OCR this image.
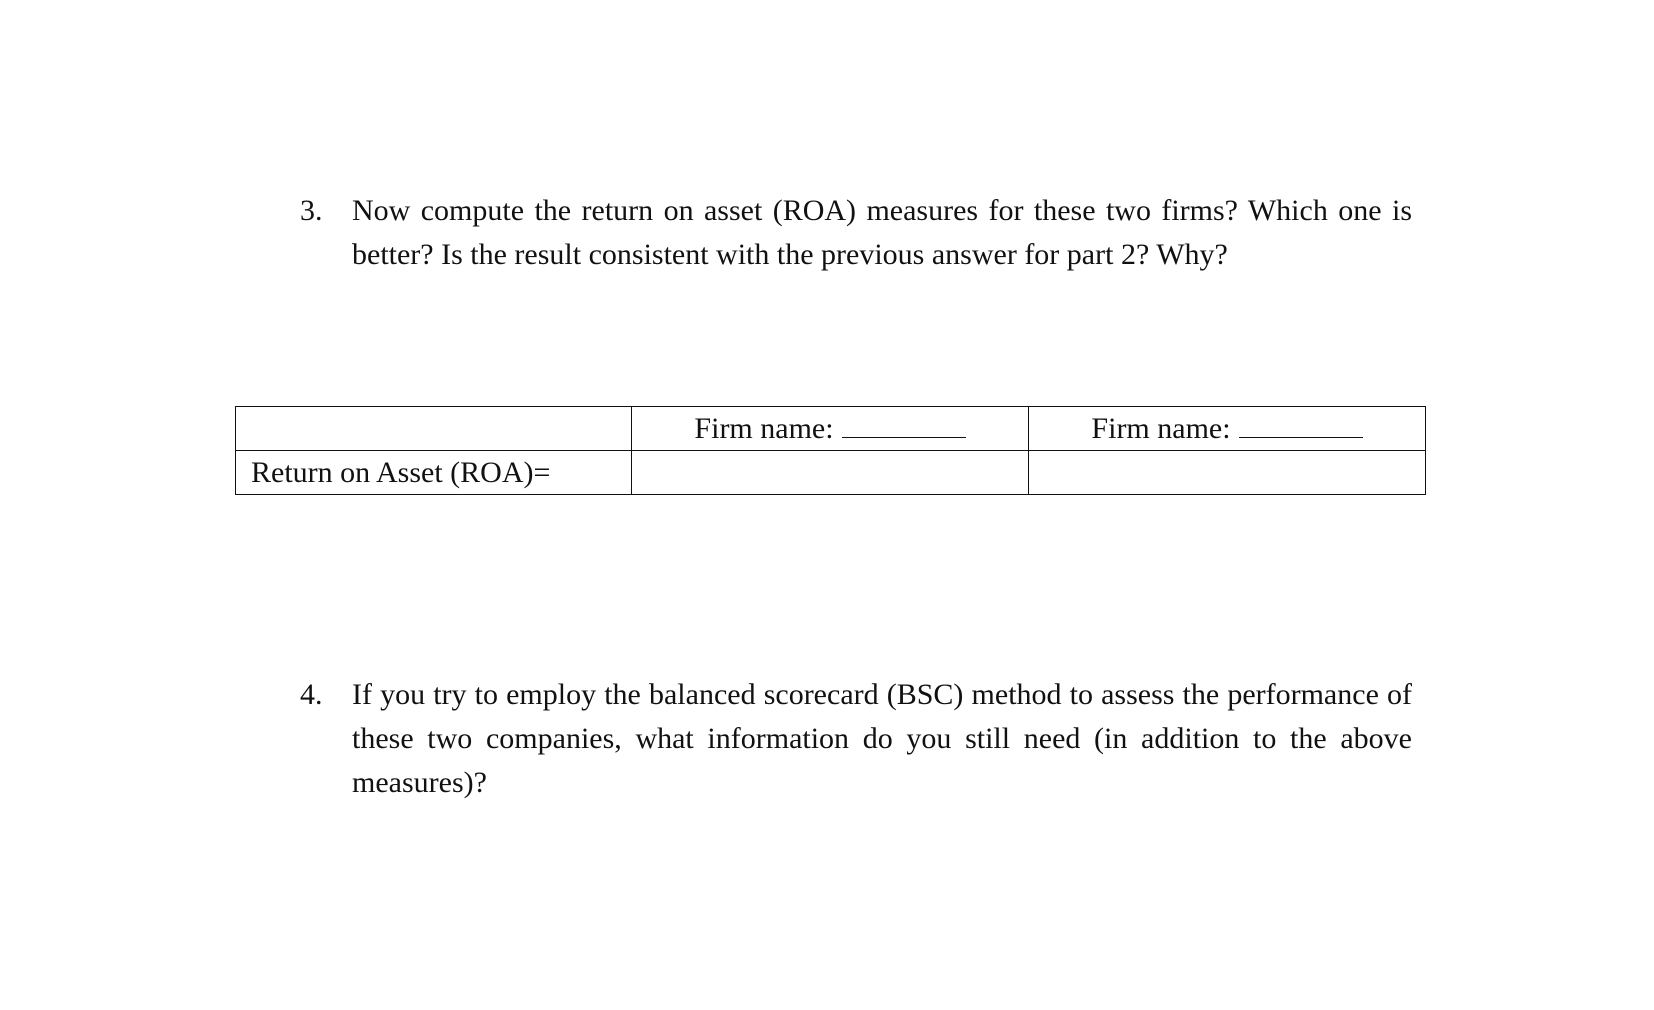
3. Now compute the return on asset (ROA) measures for these two firms? Which one is better? Is the result consistent with the previous answer for part 2? Why?
	Firm name:	Firm name:
Return on Asset (ROA)=		
4. If you try to employ the balanced scorecard (BSC) method to assess the performance of these two companies, what information do you still need (in addition to the above measures)?
